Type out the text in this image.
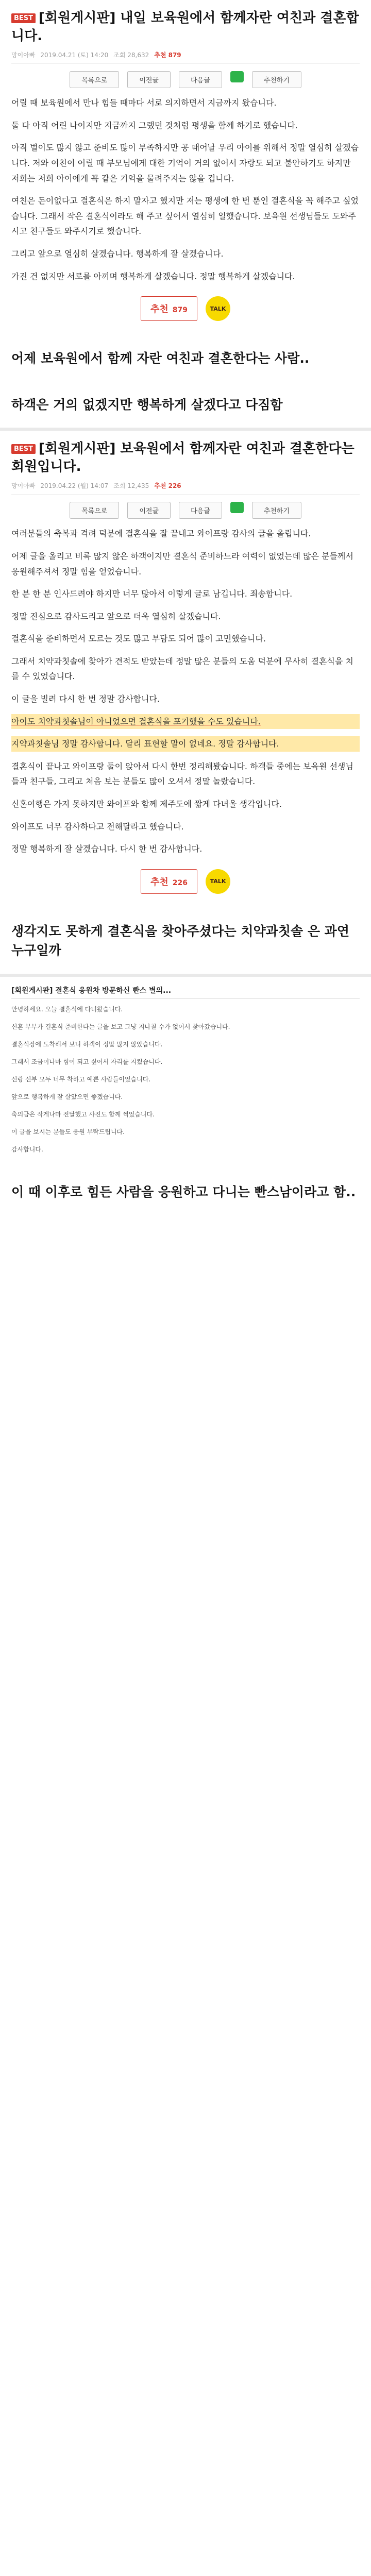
BEST [회원게시판] 내일 보육원에서 함께자란 여친과 결혼합니다.
망이아빠 2019.04.21 (토) 14:20 조회 28,632 추천 879
목록으로	이전글	다음글	추천하기

어릴 때 보육원에서 만나 힘들 때마다 서로 의지하면서 지금까지 왔습니다.

둘 다 아직 어린 나이지만 지금까지 그랬던 것처럼 평생을 함께 하기로 했습니다.

아직 벌이도 많지 않고 준비도 많이 부족하지만 공 태어날 우리 아이를 위해서 정말 열심히 살겠습니다. 저와 여친이 어릴 때 부모님에게 대한 기억이 거의 없어서 자랑도 되고 불안하기도 하지만 저희는 저희 아이에게 꼭 같은 기억을 물려주지는 않을 겁니다.

여친은 돈이없다고 결혼식은 하지 말자고 했지만 저는 평생에 한 번 뿐인 결혼식을 꼭 해주고 싶었습니다. 그래서 작은 결혼식이라도 해 주고 싶어서 열심히 일했습니다. 보육원 선생님들도 도와주시고 친구들도 와주시기로 했습니다.

그리고 앞으로 열심히 살겠습니다. 행복하게 잘 살겠습니다.

가진 건 없지만 서로를 아끼며 행복하게 살겠습니다. 정말 행복하게 살겠습니다.

추천 879	TALK
어제 보육원에서 함께 자란 여친과 결혼한다는 사람..
하객은 거의 없겠지만 행복하게 살겠다고 다짐함
BEST [회원게시판] 보육원에서 함께자란 여친과 결혼한다는 회원입니다.
망이아빠 2019.04.22 (월) 14:07 조회 12,435 추천 226
목록으로	이전글	다음글	추천하기

여러분들의 축복과 격려 덕분에 결혼식을 잘 끝내고 와이프랑 감사의 글을 올립니다.

어제 글을 올리고 비록 많지 않은 하객이지만 결혼식 준비하느라 여력이 없었는데 많은 분들께서 응원해주셔서 정말 힘을 얻었습니다.

한 분 한 분 인사드려야 하지만 너무 많아서 이렇게 글로 남깁니다. 죄송합니다.

정말 진심으로 감사드리고 앞으로 더욱 열심히 살겠습니다.

결혼식을 준비하면서 모르는 것도 많고 부담도 되어 많이 고민했습니다.

그래서 치약과칫솔에 찾아가 견적도 받았는데 정말 많은 분들의 도움 덕분에 무사히 결혼식을 치를 수 있었습니다.

이 글을 빌려 다시 한 번 정말 감사합니다.

아이도 치약과칫솔님이 아니었으면 결혼식을 포기했을 수도 있습니다.

지약과칫솔님 정말 감사합니다. 달리 표현할 말이 없네요. 정말 감사합니다.

결혼식이 끝나고 와이프랑 둘이 앉아서 다시 한번 정리해봤습니다. 하객들 중에는 보육원 선생님들과 친구들, 그리고 처음 보는 분들도 많이 오셔서 정말 놀랐습니다.

신혼여행은 가지 못하지만 와이프와 함께 제주도에 짧게 다녀올 생각입니다.

와이프도 너무 감사하다고 전해달라고 했습니다.

정말 행복하게 잘 살겠습니다. 다시 한 번 감사합니다.

추천 226	TALK
생각지도 못하게 결혼식을 찾아주셨다는 치약과칫솔 은 과연 누구일까
[회원게시판] 결혼식 응원차 방문하신 빤스 별의...

안녕하세요. 오늘 결혼식에 다녀왔습니다.

신혼 부부가 결혼식 준비한다는 글을 보고 그냥 지나칠 수가 없어서 찾아갔습니다.

결혼식장에 도착해서 보니 하객이 정말 많지 않았습니다.

그래서 조금이나마 힘이 되고 싶어서 자리를 지켰습니다.

신랑 신부 모두 너무 착하고 예쁜 사람들이었습니다.

앞으로 행복하게 잘 살았으면 좋겠습니다.

축의금은 작게나마 전달했고 사진도 함께 찍었습니다.

이 글을 보시는 분들도 응원 부탁드립니다.

감사합니다.

이 때 이후로 힘든 사람을 응원하고 다니는 빤스남이라고 함..
